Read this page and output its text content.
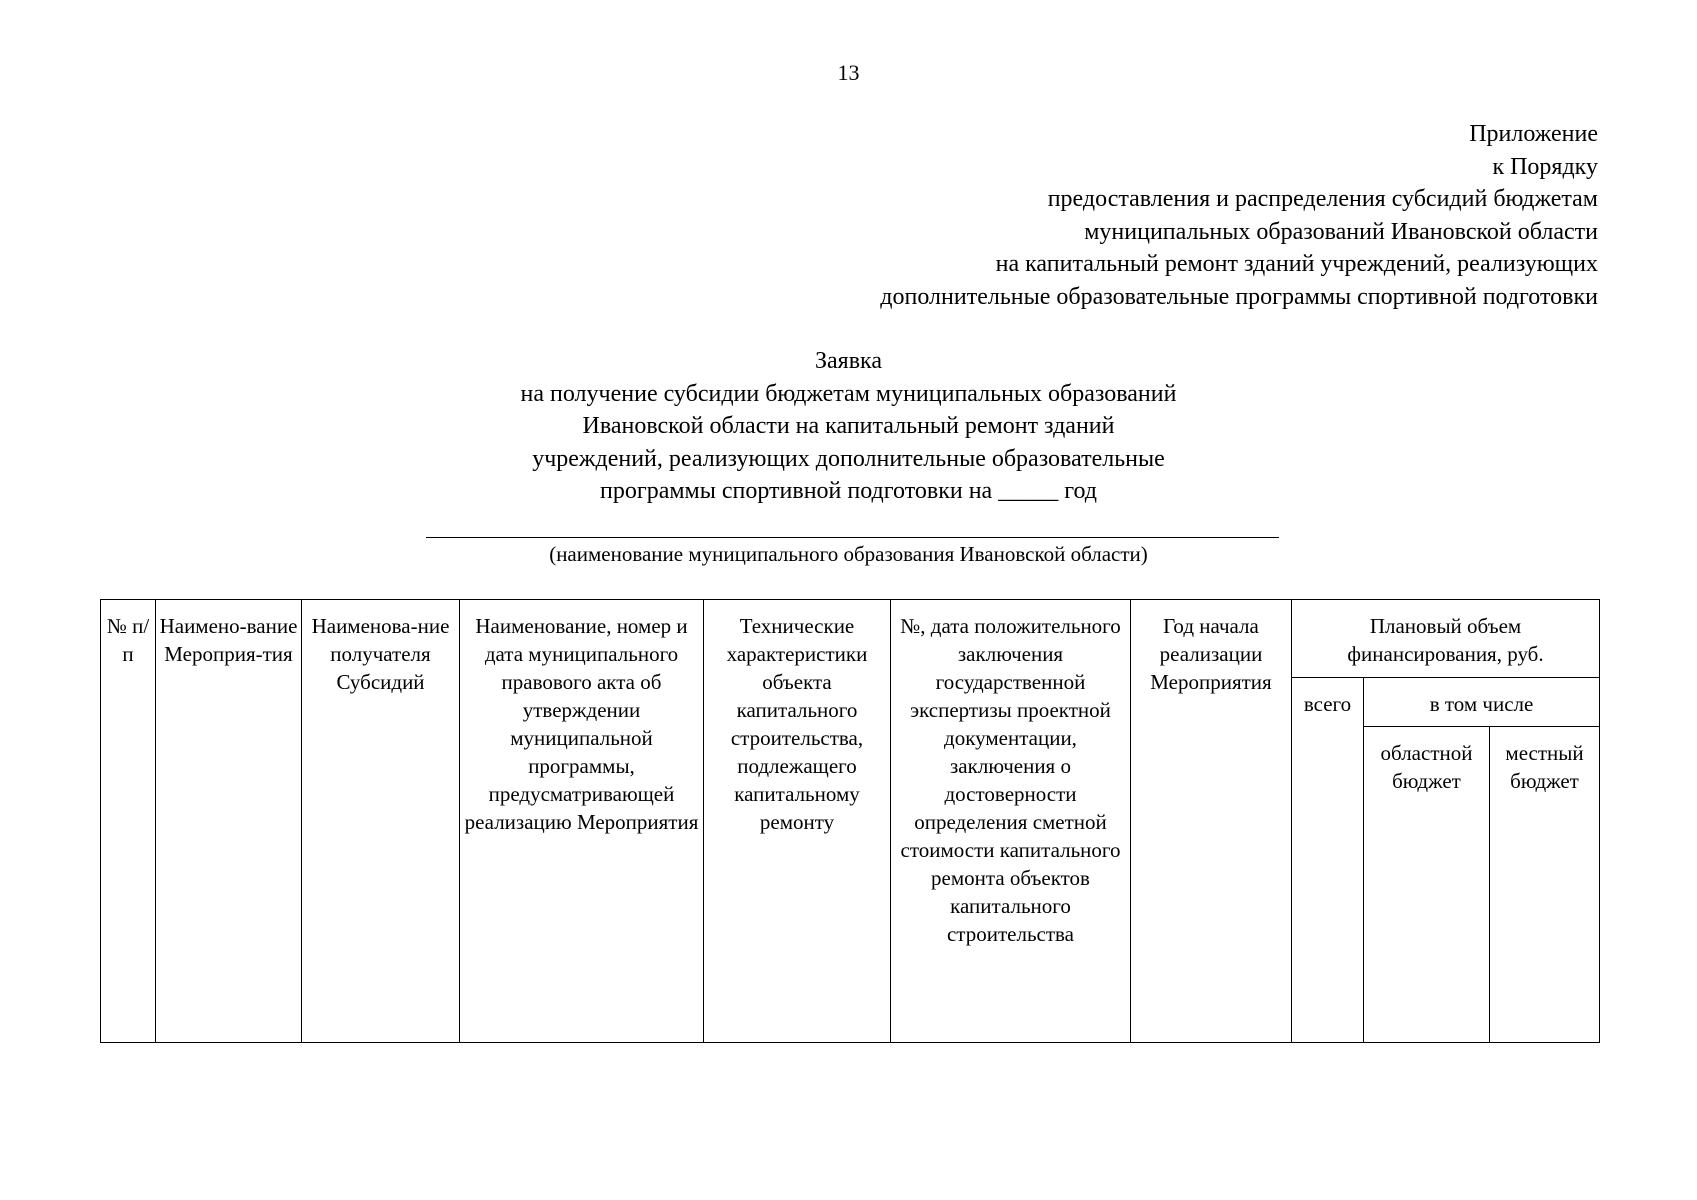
13
Приложение
к Порядку
предоставления и распределения субсидий бюджетам
муниципальных образований Ивановской области
на капитальный ремонт зданий учреждений, реализующих
дополнительные образовательные программы спортивной подготовки
Заявка
на получение субсидии бюджетам муниципальных образований
Ивановской области на капитальный ремонт зданий
учреждений, реализующих дополнительные образовательные
программы спортивной подготовки на _____ год
(наименование муниципального образования Ивановской области)
№ п/п	Наимено-вание Мероприя-тия	Наименова-ние получателя Субсидий	Наименование, номер и дата муниципального правового акта об утверждении муниципальной программы, предусматривающей реализацию Мероприятия	Технические характеристики объекта капитального строительства, подлежащего капитальному ремонту	№, дата положительного заключения государственной экспертизы проектной документации, заключения о достоверности определения сметной стоимости капитального ремонта объектов капитального строительства	Год начала реализации Мероприятия	Плановый объем финансирования, руб.		
							всего	в том числе	
								областной бюджет	местный бюджет
